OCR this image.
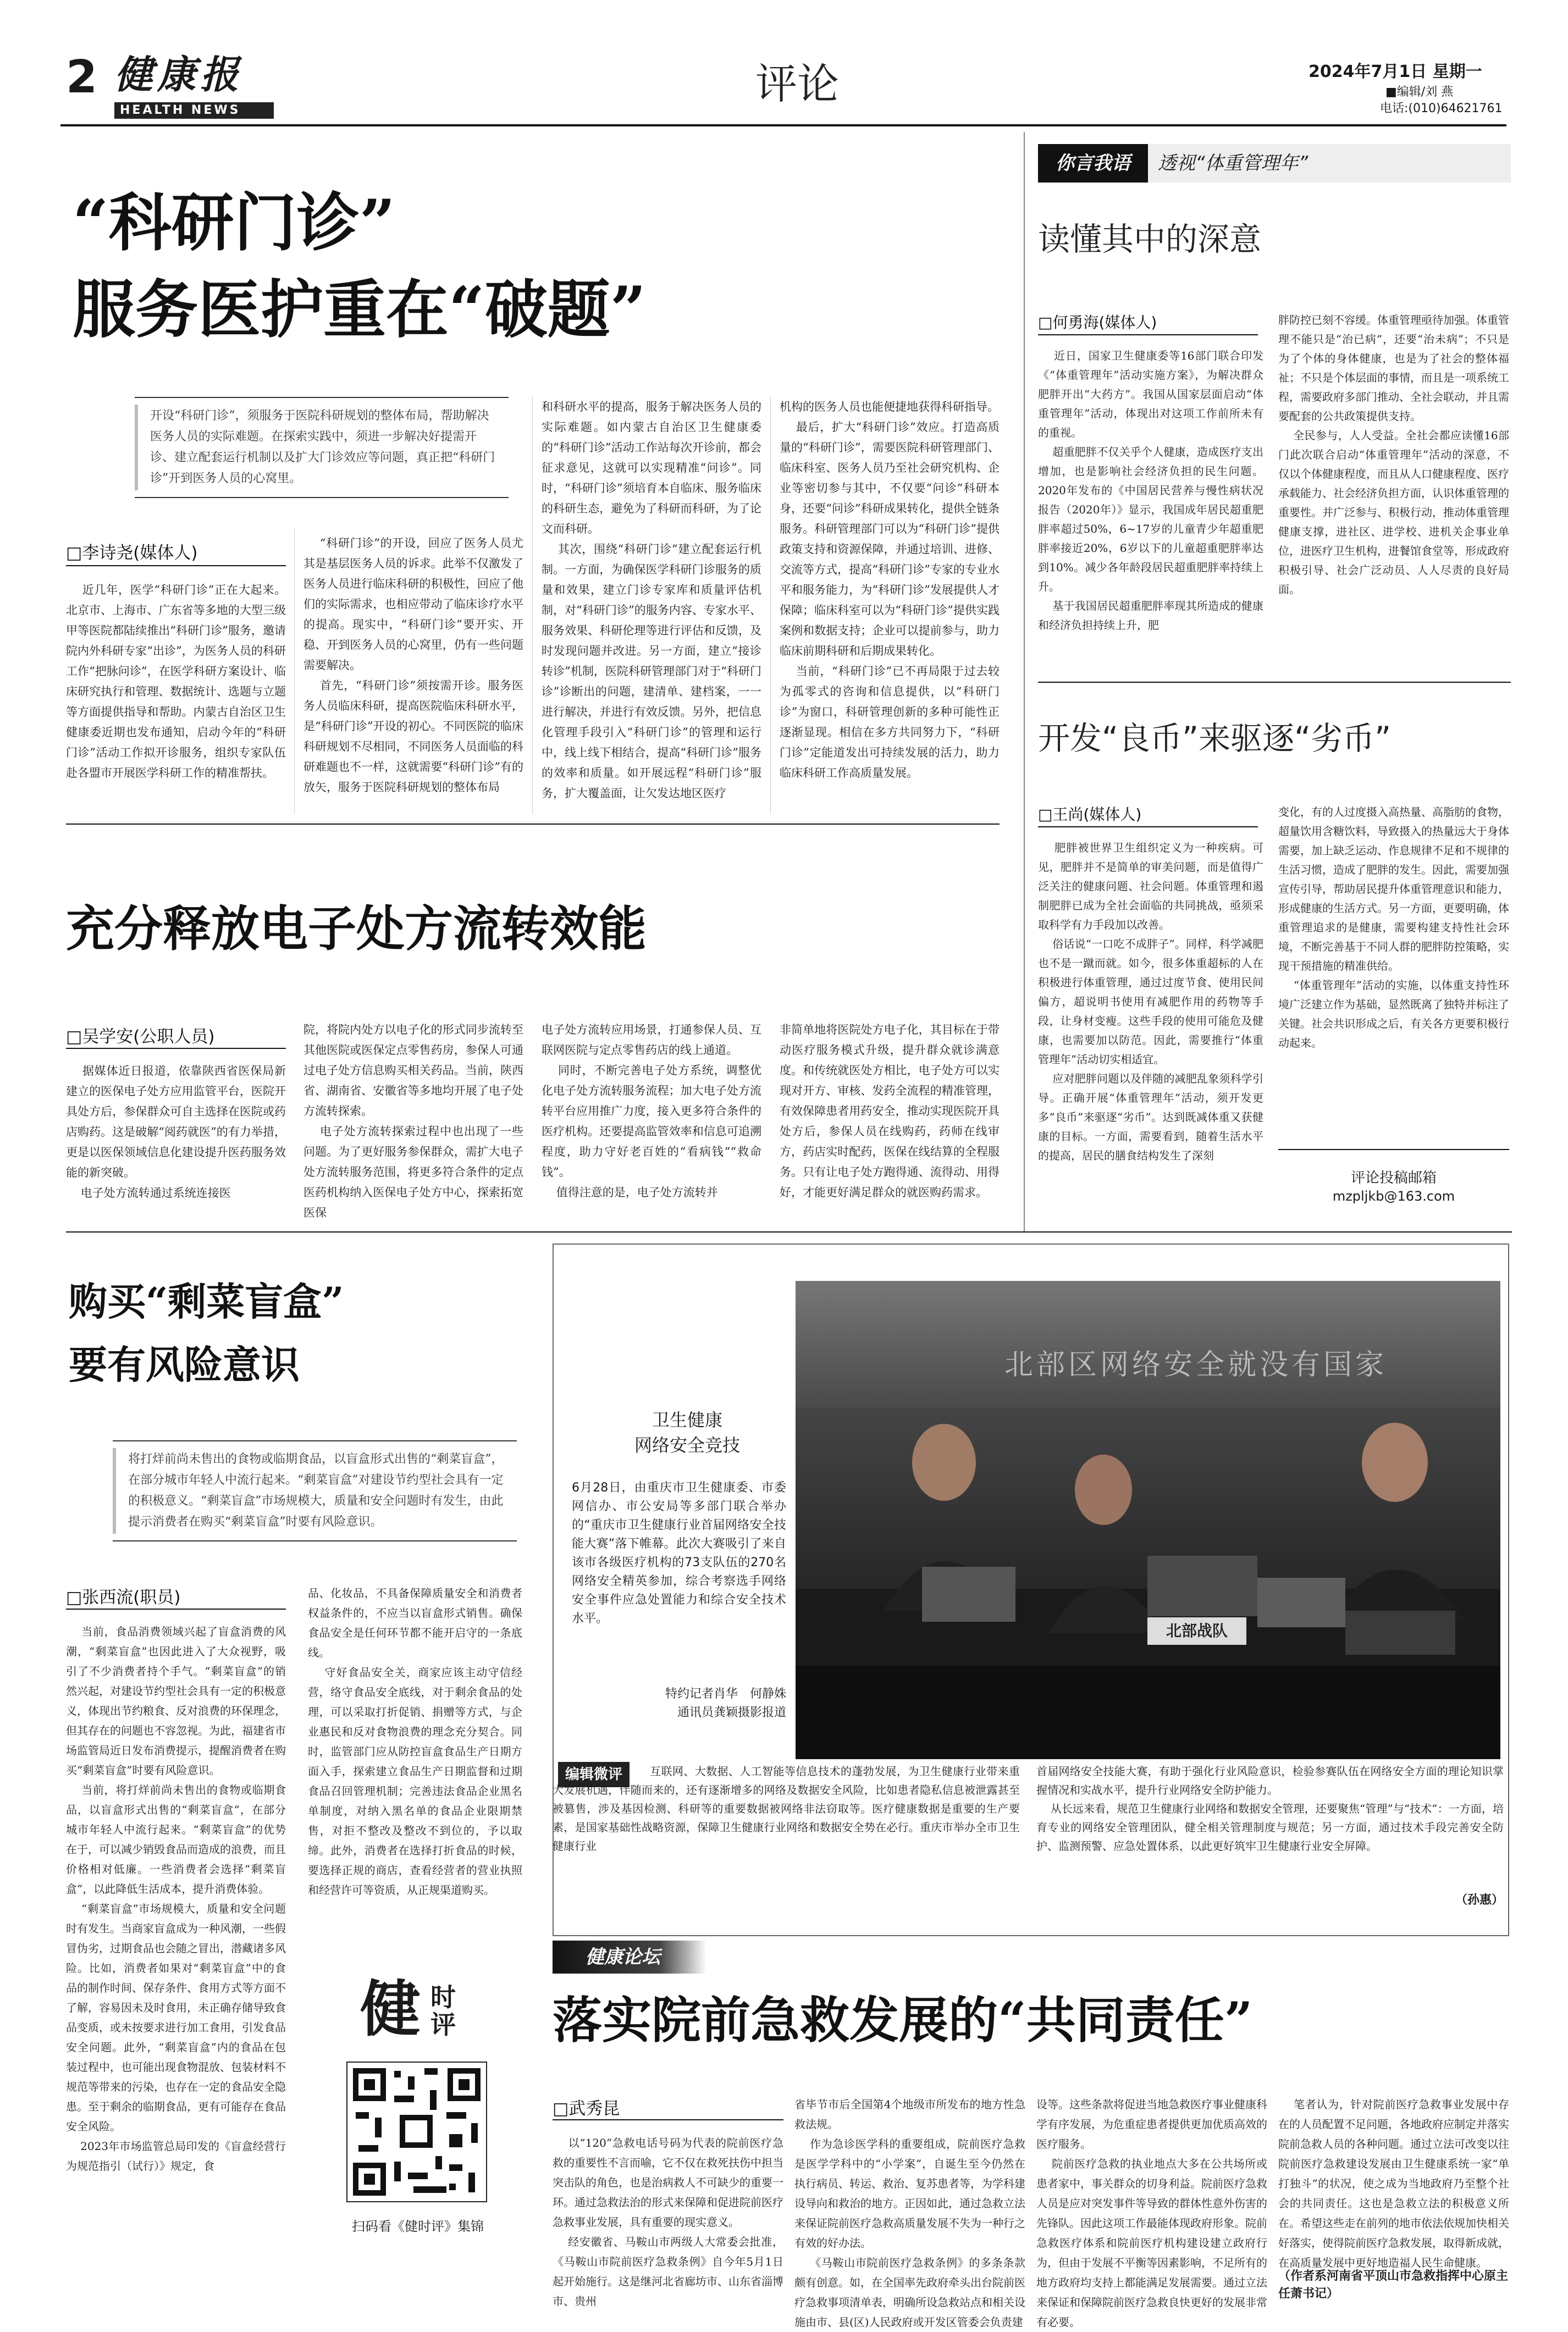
2 健康报
HEALTH NEWS
评论	2024年7月1日 星期一
■编辑/刘 燕
电话:(010)64621761
“科研门诊”
服务医护重在“破题”
开设“科研门诊”，须服务于医院科研规划的整体布局，帮助解决医务人员的实际难题。在探索实践中，须进一步解决好提需开诊、建立配套运行机制以及扩大门诊效应等问题，真正把“科研门诊”开到医务人员的心窝里。
□李诗尧(媒体人)
近几年，医学“科研门诊”正在大起来。北京市、上海市、广东省等多地的大型三级甲等医院都陆续推出“科研门诊”服务，邀请院内外科研专家“出诊”，为医务人员的科研工作“把脉问诊”，在医学科研方案设计、临床研究执行和管理、数据统计、选题与立题等方面提供指导和帮助。内蒙古自治区卫生健康委近期也发布通知，启动今年的“科研门诊”活动工作拟开诊服务，组织专家队伍赴各盟市开展医学科研工作的精准帮扶。
“科研门诊”的开设，回应了医务人员尤其是基层医务人员的诉求。此举不仅激发了医务人员进行临床科研的积极性，回应了他们的实际需求，也相应带动了临床诊疗水平的提高。现实中，“科研门诊”要开实、开稳、开到医务人员的心窝里，仍有一些问题需要解决。
首先，“科研门诊”须按需开诊。服务医务人员临床科研，提高医院临床科研水平，是“科研门诊”开设的初心。不同医院的临床科研规划不尽相同，不同医务人员面临的科研难题也不一样，这就需要“科研门诊”有的放矢，服务于医院科研规划的整体布局
和科研水平的提高，服务于解决医务人员的实际难题。如内蒙古自治区卫生健康委的“科研门诊”活动工作站每次开诊前，都会征求意见，这就可以实现精准“问诊”。同时，“科研门诊”须培育本自临床、服务临床的科研生态，避免为了科研而科研，为了论文而科研。
其次，围绕“科研门诊”建立配套运行机制。一方面，为确保医学科研门诊服务的质量和效果，建立门诊专家库和质量评估机制，对“科研门诊”的服务内容、专家水平、服务效果、科研伦理等进行评估和反馈，及时发现问题并改进。另一方面，建立“接诊转诊”机制，医院科研管理部门对于“科研门诊”诊断出的问题，建清单、建档案，一一进行解决，并进行有效反馈。另外，把信息化管理手段引入“科研门诊”的管理和运行中，线上线下相结合，提高“科研门诊”服务的效率和质量。如开展远程“科研门诊”服务，扩大覆盖面，让欠发达地区医疗
机构的医务人员也能便捷地获得科研指导。
最后，扩大“科研门诊”效应。打造高质量的“科研门诊”，需要医院科研管理部门、临床科室、医务人员乃至社会研究机构、企业等密切参与其中，不仅要“问诊”科研本身，还要“问诊”科研成果转化，提供全链条服务。科研管理部门可以为“科研门诊”提供政策支持和资源保障，并通过培训、进修、交流等方式，提高“科研门诊”专家的专业水平和服务能力，为“科研门诊”发展提供人才保障；临床科室可以为“科研门诊”提供实践案例和数据支持；企业可以提前参与，助力临床前期科研和后期成果转化。
当前，“科研门诊”已不再局限于过去较为孤零式的咨询和信息提供，以“科研门诊”为窗口，科研管理创新的多种可能性正逐渐显现。相信在多方共同努力下，“科研门诊”定能道发出可持续发展的活力，助力临床科研工作高质量发展。
充分释放电子处方流转效能
□吴学安(公职人员)
据媒体近日报道，依靠陕西省医保局新建立的医保电子处方应用监管平台，医院开具处方后，参保群众可自主选择在医院或药店购药。这是破解“阅药就医”的有力举措，更是以医保领域信息化建设提升医药服务效能的新突破。
电子处方流转通过系统连接医
院，将院内处方以电子化的形式同步流转至其他医院或医保定点零售药房，参保人可通过电子处方信息购买相关药品。当前，陕西省、湖南省、安徽省等多地均开展了电子处方流转探索。
电子处方流转探索过程中也出现了一些问题。为了更好服务参保群众，需扩大电子处方流转服务范围，将更多符合条件的定点医药机构纳入医保电子处方中心，探索拓宽医保
电子处方流转应用场景，打通参保人员、互联网医院与定点零售药店的线上通道。
同时，不断完善电子处方系统，调整优化电子处方流转服务流程；加大电子处方流转平台应用推广力度，接入更多符合条件的医疗机构。还要提高监管效率和信息可追溯程度，助力守好老百姓的“看病钱”“救命钱”。
值得注意的是，电子处方流转并
非简单地将医院处方电子化，其目标在于带动医疗服务模式升级，提升群众就诊满意度。和传统就医处方相比，电子处方可以实现对开方、审核、发药全流程的精准管理，有效保障患者用药安全，推动实现医院开具处方后，参保人员在线购药，药师在线审方，药店实时配药，医保在线结算的全程服务。只有让电子处方跑得通、流得动、用得好，才能更好满足群众的就医购药需求。
你言我语	透视“体重管理年”
读懂其中的深意
□何勇海(媒体人)
近日，国家卫生健康委等16部门联合印发《“体重管理年”活动实施方案》，为解决群众肥胖开出“大药方”。我国从国家层面启动“体重管理年”活动，体现出对这项工作前所未有的重视。
超重肥胖不仅关乎个人健康，造成医疗支出增加，也是影响社会经济负担的民生问题。2020年发布的《中国居民营养与慢性病状况报告（2020年）》显示，我国成年居民超重肥胖率超过50%，6~17岁的儿童青少年超重肥胖率接近20%，6岁以下的儿童超重肥胖率达到10%。减少各年龄段居民超重肥胖率持续上升。
基于我国居民超重肥胖率现其所造成的健康和经济负担持续上升，肥
胖防控已刻不容缓。体重管理亟待加强。体重管理不能只是“治已病”，还要“治未病”；不只是为了个体的身体健康，也是为了社会的整体福祉；不只是个体层面的事情，而且是一项系统工程，需要政府多部门推动、全社会联动，并且需要配套的公共政策提供支持。
全民参与，人人受益。全社会都应读懂16部门此次联合启动“体重管理年”活动的深意，不仅以个体健康程度，而且从人口健康程度、医疗承载能力、社会经济负担方面，认识体重管理的重要性。并广泛参与、积极行动，推动体重管理健康支撑，进社区、进学校、进机关企事业单位，进医疗卫生机构，进餐馆食堂等，形成政府积极引导、社会广泛动员、人人尽责的良好局面。
开发“良币”来驱逐“劣币”
□王尚(媒体人)
肥胖被世界卫生组织定义为一种疾病。可见，肥胖并不是简单的审美问题，而是值得广泛关注的健康问题、社会问题。体重管理和遏制肥胖已成为全社会面临的共同挑战，亟须采取科学有力手段加以改善。
俗话说“一口吃不成胖子”。同样，科学减肥也不是一蹴而就。如今，很多体重超标的人在积极进行体重管理，通过过度节食、使用民间偏方，超说明书使用有减肥作用的药物等手段，让身材变瘦。这些手段的使用可能危及健康，也需要加以防范。因此，需要推行“体重管理年”活动切实相适宜。
应对肥胖问题以及伴随的减肥乱象须科学引导。正确开展“体重管理年”活动，须开发更多“良币”来驱逐“劣币”。达到既减体重又获健康的目标。一方面，需要看到，随着生活水平的提高，居民的膳食结构发生了深刻
变化，有的人过度摄入高热量、高脂肪的食物，超量饮用含糖饮料，导致摄入的热量远大于身体需要，加上缺乏运动、作息规律不足和不规律的生活习惯，造成了肥胖的发生。因此，需要加强宣传引导，帮助居民提升体重管理意识和能力，形成健康的生活方式。另一方面，更要明确，体重管理追求的是健康，需要构建支持性社会环境，不断完善基于不同人群的肥胖防控策略，实现干预措施的精准供给。
“体重管理年”活动的实施，以体重支持性环境广泛建立作为基础，显然既离了独特并标注了关键。社会共识形成之后，有关各方更要积极行动起来。
评论投稿邮箱
mzpljkb@163.com
购买“剩菜盲盒”
要有风险意识
将打烊前尚未售出的食物或临期食品，以盲盒形式出售的“剩菜盲盒”，在部分城市年轻人中流行起来。“剩菜盲盒”对建设节约型社会具有一定的积极意义。“剩菜盲盒”市场规模大，质量和安全问题时有发生，由此提示消费者在购买“剩菜盲盒”时要有风险意识。
□张西流(职员)
当前，食品消费领域兴起了盲盒消费的风潮，“剩菜盲盒”也因此进入了大众视野，吸引了不少消费者持个手气。“剩菜盲盒”的销然兴起，对建设节约型社会具有一定的积极意义，体现出节约粮食、反对浪费的环保理念，但其存在的问题也不容忽视。为此，福建省市场监管局近日发布消费提示，提醒消费者在购买“剩菜盲盒”时要有风险意识。
当前，将打烊前尚未售出的食物或临期食品，以盲盒形式出售的“剩菜盲盒”，在部分城市年轻人中流行起来。“剩菜盲盒”的优势在于，可以减少销毁食品而造成的浪费，而且价格相对低廉。一些消费者会选择“剩菜盲盒”，以此降低生活成本，提升消费体验。
“剩菜盲盒”市场规模大，质量和安全问题时有发生。当商家盲盒成为一种风潮，一些假冒伪劣，过期食品也会随之冒出，潜藏诸多风险。比如，消费者如果对“剩菜盲盒”中的食品的制作时间、保存条件、食用方式等方面不了解，容易因未及时食用，未正确存储导致食品变质，或未按要求进行加工食用，引发食品安全问题。此外，“剩菜盲盒”内的食品在包装过程中，也可能出现食物混放、包装材料不规范等带来的污染，也存在一定的食品安全隐患。至于剩余的临期食品，更有可能存在食品安全风险。
2023年市场监管总局印发的《盲盒经营行为规范指引（试行）》规定，食
品、化妆品，不具备保障质量安全和消费者权益条件的，不应当以盲盒形式销售。确保食品安全是任何环节都不能开启守的一条底线。
守好食品安全关，商家应该主动守信经营，络守食品安全底线，对于剩余食品的处理，可以采取打折促销、捐赠等方式，与企业惠民和反对食物浪费的理念充分契合。同时，监管部门应从防控盲盒食品生产日期方面入手，探索建立食品生产日期监督和过期食品召回管理机制；完善违法食品企业黑名单制度，对纳入黑名单的食品企业限期禁售，对拒不整改及整改不到位的，予以取缔。此外，消费者在选择打折食品的时候，要选择正规的商店，查看经营者的营业执照和经营许可等资质，从正规渠道购买。
卫生健康
网络安全竞技
6月28日，由重庆市卫生健康委、市委网信办、市公安局等多部门联合举办的“重庆市卫生健康行业首届网络安全技能大赛”落下帷幕。此次大赛吸引了来自该市各级医疗机构的73支队伍的270名网络安全精英参加，综合考察选手网络安全事件应急处置能力和综合安全技术水平。
特约记者肖华　何静姝
通讯员龚颖摄影报道
北部区网络安全就没有国家
北部战队
编辑微评	互联网、大数据、人工智能等信息技术的蓬勃发展，为卫生健康行业带来重大发展机遇，伴随而来的，还有逐渐增多的网络及数据安全风险，比如患者隐私信息被泄露甚至被篡售，涉及基因检测、科研等的重要数据被网络非法窃取等。医疗健康数据是重要的生产要素，是国家基础性战略资源，保障卫生健康行业网络和数据安全势在必行。重庆市举办全市卫生健康行业
首届网络安全技能大赛，有助于强化行业风险意识，检验参赛队伍在网络安全方面的理论知识掌握情况和实战水平，提升行业网络安全防护能力。
从长远来看，规范卫生健康行业网络和数据安全管理，还要聚焦“管理”与“技术”：一方面，培育专业的网络安全管理团队，健全相关管理制度与规范；另一方面，通过技术手段完善安全防护、监测预警、应急处置体系，以此更好筑牢卫生健康行业安全屏障。
（孙惠）
健康论坛
落实院前急救发展的“共同责任”
□武秀昆
以“120”急救电话号码为代表的院前医疗急救的重要性不言而喻，它不仅在救死扶伤中担当突击队的角色，也是治病救人不可缺少的重要一环。通过急救法治的形式来保障和促进院前医疗急救事业发展，具有重要的现实意义。
经安徽省、马鞍山市两级人大常委会批准，《马鞍山市院前医疗急救条例》自今年5月1日起开始施行。这是继河北省廊坊市、山东省淄博市、贵州
省毕节市后全国第4个地级市所发布的地方性急救法规。
作为急诊医学科的重要组成，院前医疗急救是医学学科中的“小学案”，自诞生至今仍然在执行病员、转运、救治、复苏患者等，为学科建设导向和救治的地方。正因如此，通过急救立法来保证院前医疗急救高质量发展不失为一种行之有效的好办法。
《马鞍山市院前医疗急救条例》的多条条款颇有创意。如，在全国率先政府牵头出台院前医疗急救事项清单表，明确所设急救站点和相关设施由市、县(区)人民政府或开发区管委会负责建
设等。这些条款将促进当地急救医疗事业健康科学有序发展，为危重症患者提供更加优质高效的医疗服务。
院前医疗急救的执业地点大多在公共场所或患者家中，事关群众的切身利益。院前医疗急救人员是应对突发事件等导致的群体性意外伤害的先锋队。因此这项工作最能体现政府形象。院前急救医疗体系和院前医疗机构建设建立政府行为，但由于发展不平衡等因素影响，不足所有的地方政府均支持上都能满足发展需要。通过立法来保证和保障院前医疗急救良快更好的发展非常有必要。
笔者认为，针对院前医疗急救事业发展中存在的人员配置不足问题，各地政府应制定并落实院前急救人员的各种问题。通过立法可改变以往院前医疗急救建设发展由卫生健康系统一家“单打独斗”的状况，使之成为当地政府乃至整个社会的共同责任。这也是急救立法的积极意义所在。希望这些走在前列的地市依法依规加快相关好落实，使得院前医疗急救发展，取得新成就，在高质量发展中更好地造福人民生命健康。
（作者系河南省平顶山市急救指挥中心原主任萧书记）
健 时评
扫码看《健时评》集锦
